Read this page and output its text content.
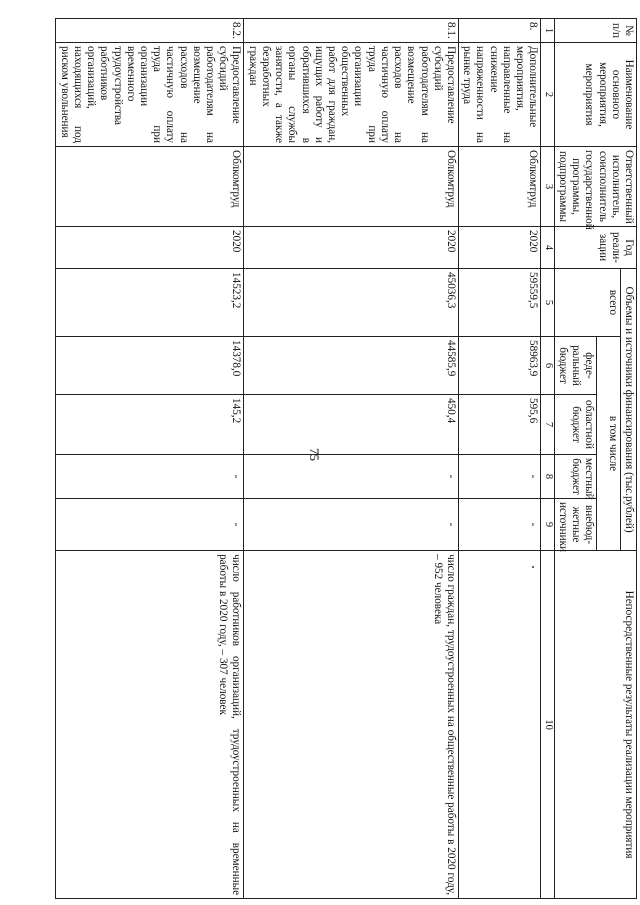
75
№ п/п	Наименование основного мероприятия, мероприятия	Ответственный исполнитель, соисполнитель государственной программы, подпрограммы	Год реали-зации	Объемы и источники финансирования (тыс.рублей)					Непосредственные результаты реализации мероприятия
				всего	в том числе				
					феде-ральный бюджет	областной бюджет	местный бюджет	внебюд-жетные источники	
1	2	3	4	5	6	7	8	9	10
8.	Дополнительные мероприятия, направленные на снижение напряженности на рынке труда	Облкомтруд	2020	59559,5	58963,9	595,6	-	-	
8.1.	Предоставление субсидий работодателям на возмещение расходов на частичную оплату труда при организации общественных работ для граждан, ищущих работу и обратившихся в органы службы занятости, а также безработных граждан	Облкомтруд	2020	45036,3	44585,9	450,4	-	-	число граждан, трудоустроенных на общественные работы в 2020 году, – 952 человека
8.2.	Предоставление субсидий работодателям на возмещение расходов на частичную оплату труда при организации временного трудоустройства работников организаций, находящихся под риском увольнения	Облкомтруд	2020	14523,2	14378,0	145,2	-	-	число работников организаций, трудоустроенных на временные работы в 2020 году, – 307 человек
